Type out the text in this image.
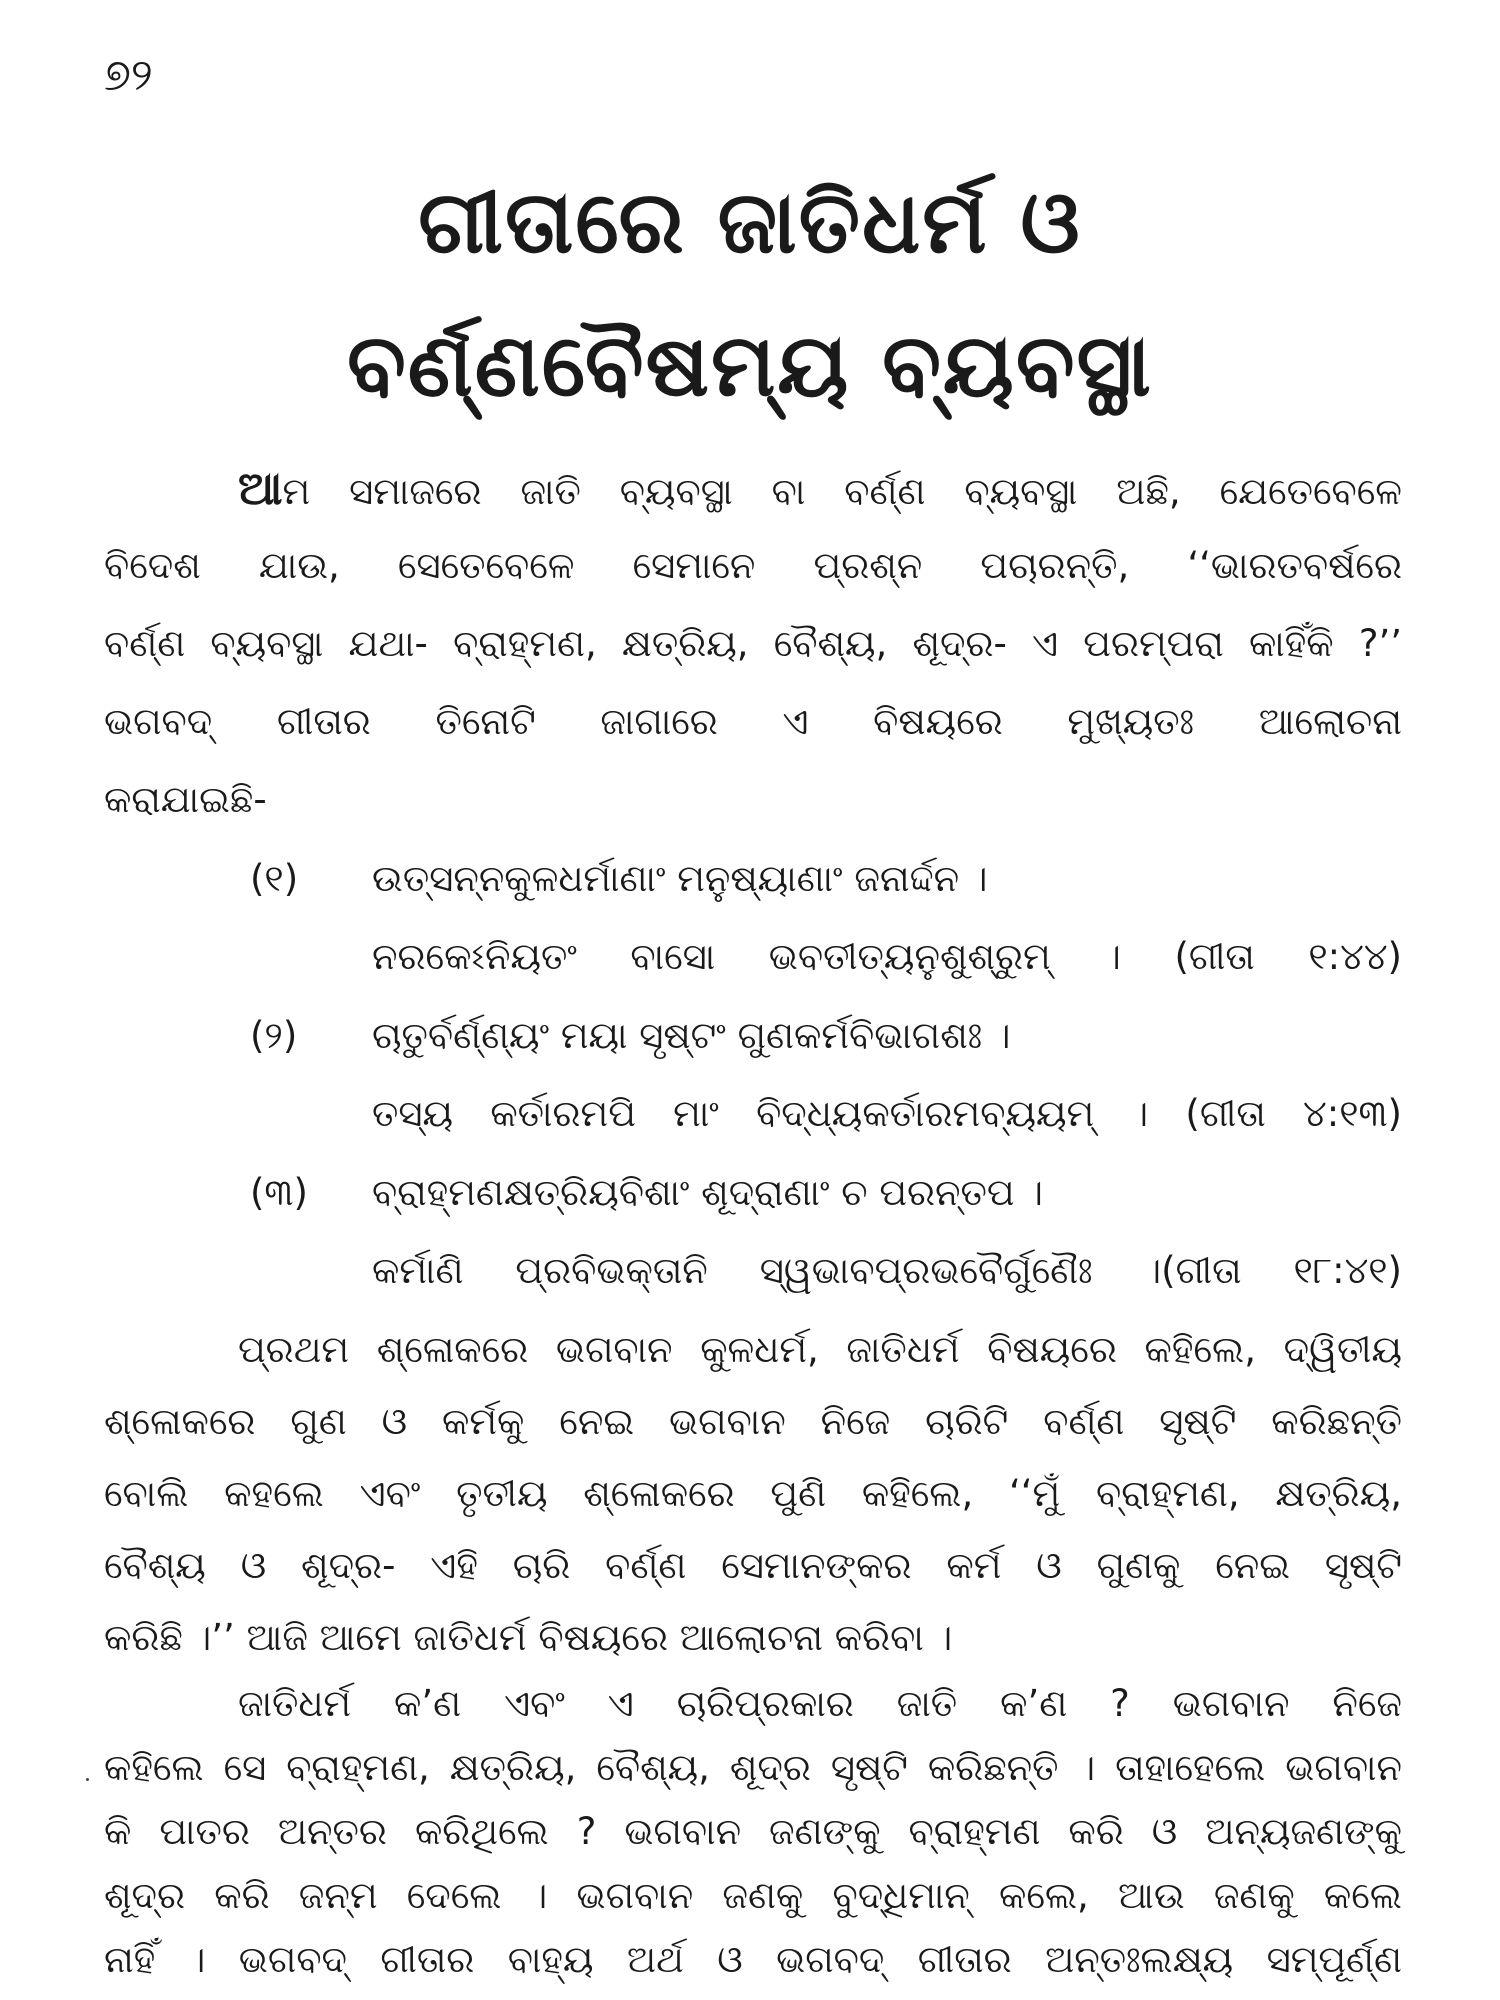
୭୨
ଗୀତାରେ ଜାତିଧର୍ମ ଓ
ବର୍ଣ୍ଣବୈଷମ୍ୟ ବ୍ୟବସ୍ଥା
ଆମ ସମାଜରେ ଜାତି ବ୍ୟବସ୍ଥା ବା ବର୍ଣ୍ଣ ବ୍ୟବସ୍ଥା ଅଛି, ଯେତେବେଳେ
ବିଦେଶ ଯାଉ, ସେତେବେଳେ ସେମାନେ ପ୍ରଶ୍ନ ପଚାରନ୍ତି, ‘‘ଭାରତବର୍ଷରେ
ବର୍ଣ୍ଣ ବ୍ୟବସ୍ଥା ଯଥା- ବ୍ରାହ୍ମଣ, କ୍ଷତ୍ରିୟ, ବୈଶ୍ୟ, ଶୂଦ୍ର- ଏ ପରମ୍ପରା କାହିଁକି ?’’
ଭଗବଦ୍ ଗୀତାର ତିନୋଟି ଜାଗାରେ ଏ ବିଷୟରେ ମୁଖ୍ୟତଃ ଆଲୋଚନା
କରାଯାଇଛି-
(୧) ଉତ୍ସନ୍ନକୁଳଧର୍ମାଣାଂ ମନୁଷ୍ୟାଣାଂ ଜନାର୍ଦ୍ଦନ ।
ନରକେଽନିୟତଂ ବାସୋ ଭବତୀତ୍ୟନୁଶୁଶ୍ରୁମ୍ । (ଗୀତା ୧:୪୪)
(୨) ଚାତୁର୍ବର୍ଣ୍ଣ୍ୟଂ ମୟା ସୃଷ୍ଟଂ ଗୁଣକର୍ମବିଭାଗଶଃ ।
ତସ୍ୟ କର୍ତାରମପି ମାଂ ବିଦ୍ଧ୍ୟକର୍ତାରମବ୍ୟୟମ୍ । (ଗୀତା ୪:୧୩)
(୩) ବ୍ରାହ୍ମଣକ୍ଷତ୍ରିୟବିଶାଂ ଶୂଦ୍ରାଣାଂ ଚ ପରନ୍ତପ ।
କର୍ମାଣି ପ୍ରବିଭକ୍ତାନି ସ୍ୱଭାବପ୍ରଭବୈର୍ଗୁଣୈଃ ।(ଗୀତା ୧୮:୪୧)
ପ୍ରଥମ ଶ୍ଳୋକରେ ଭଗବାନ କୁଳଧର୍ମ, ଜାତିଧର୍ମ ବିଷୟରେ କହିଲେ, ଦ୍ୱିତୀୟ
ଶ୍ଳୋକରେ ଗୁଣ ଓ କର୍ମକୁ ନେଇ ଭଗବାନ ନିଜେ ଚାରିଟି ବର୍ଣ୍ଣ ସୃଷ୍ଟି କରିଛନ୍ତି
ବୋଲି କହଲେ ଏବଂ ତୃତୀୟ ଶ୍ଳୋକରେ ପୁଣି କହିଲେ, ‘‘ମୁଁ ବ୍ରାହ୍ମଣ, କ୍ଷତ୍ରିୟ,
ବୈଶ୍ୟ ଓ ଶୂଦ୍ର- ଏହି ଚାରି ବର୍ଣ୍ଣ ସେମାନଙ୍କର କର୍ମ ଓ ଗୁଣକୁ ନେଇ ସୃଷ୍ଟି
କରିଛି ।’’ ଆଜି ଆମେ ଜାତିଧର୍ମ ବିଷୟରେ ଆଲୋଚନା କରିବା ।
ଜାତିଧର୍ମ କ’ଣ ଏବଂ ଏ ଚାରିପ୍ରକାର ଜାତି କ’ଣ ? ଭଗବାନ ନିଜେ
କହିଲେ ସେ ବ୍ରାହ୍ମଣ, କ୍ଷତ୍ରିୟ, ବୈଶ୍ୟ, ଶୂଦ୍ର ସୃଷ୍ଟି କରିଛନ୍ତି । ତାହାହେଲେ ଭଗବାନ
କି ପାତର ଅନ୍ତର କରିଥିଲେ ? ଭଗବାନ ଜଣଙ୍କୁ ବ୍ରାହ୍ମଣ କରି ଓ ଅନ୍ୟଜଣଙ୍କୁ
ଶୂଦ୍ର କରି ଜନ୍ମ ଦେଲେ । ଭଗବାନ ଜଣକୁ ବୁଦ୍ଧିମାନ୍ କଲେ, ଆଉ ଜଣକୁ କଲେ
ନାହିଁ । ଭଗବଦ୍ ଗୀତାର ବାହ୍ୟ ଅର୍ଥ ଓ ଭଗବଦ୍ ଗୀତାର ଅନ୍ତଃଲକ୍ଷ୍ୟ ସମ୍ପୂର୍ଣ୍ଣ
